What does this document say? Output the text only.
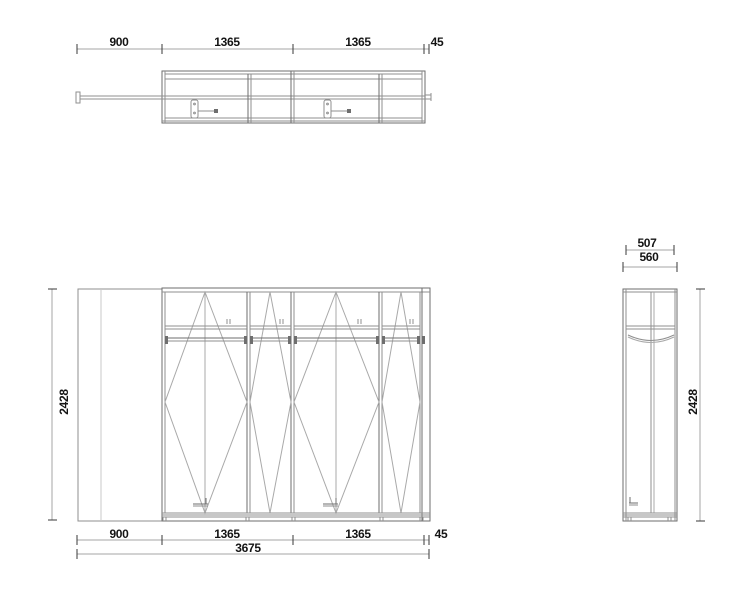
900	1365	1365	45
2428
900	1365	1365	45
3675
507
560
2428
